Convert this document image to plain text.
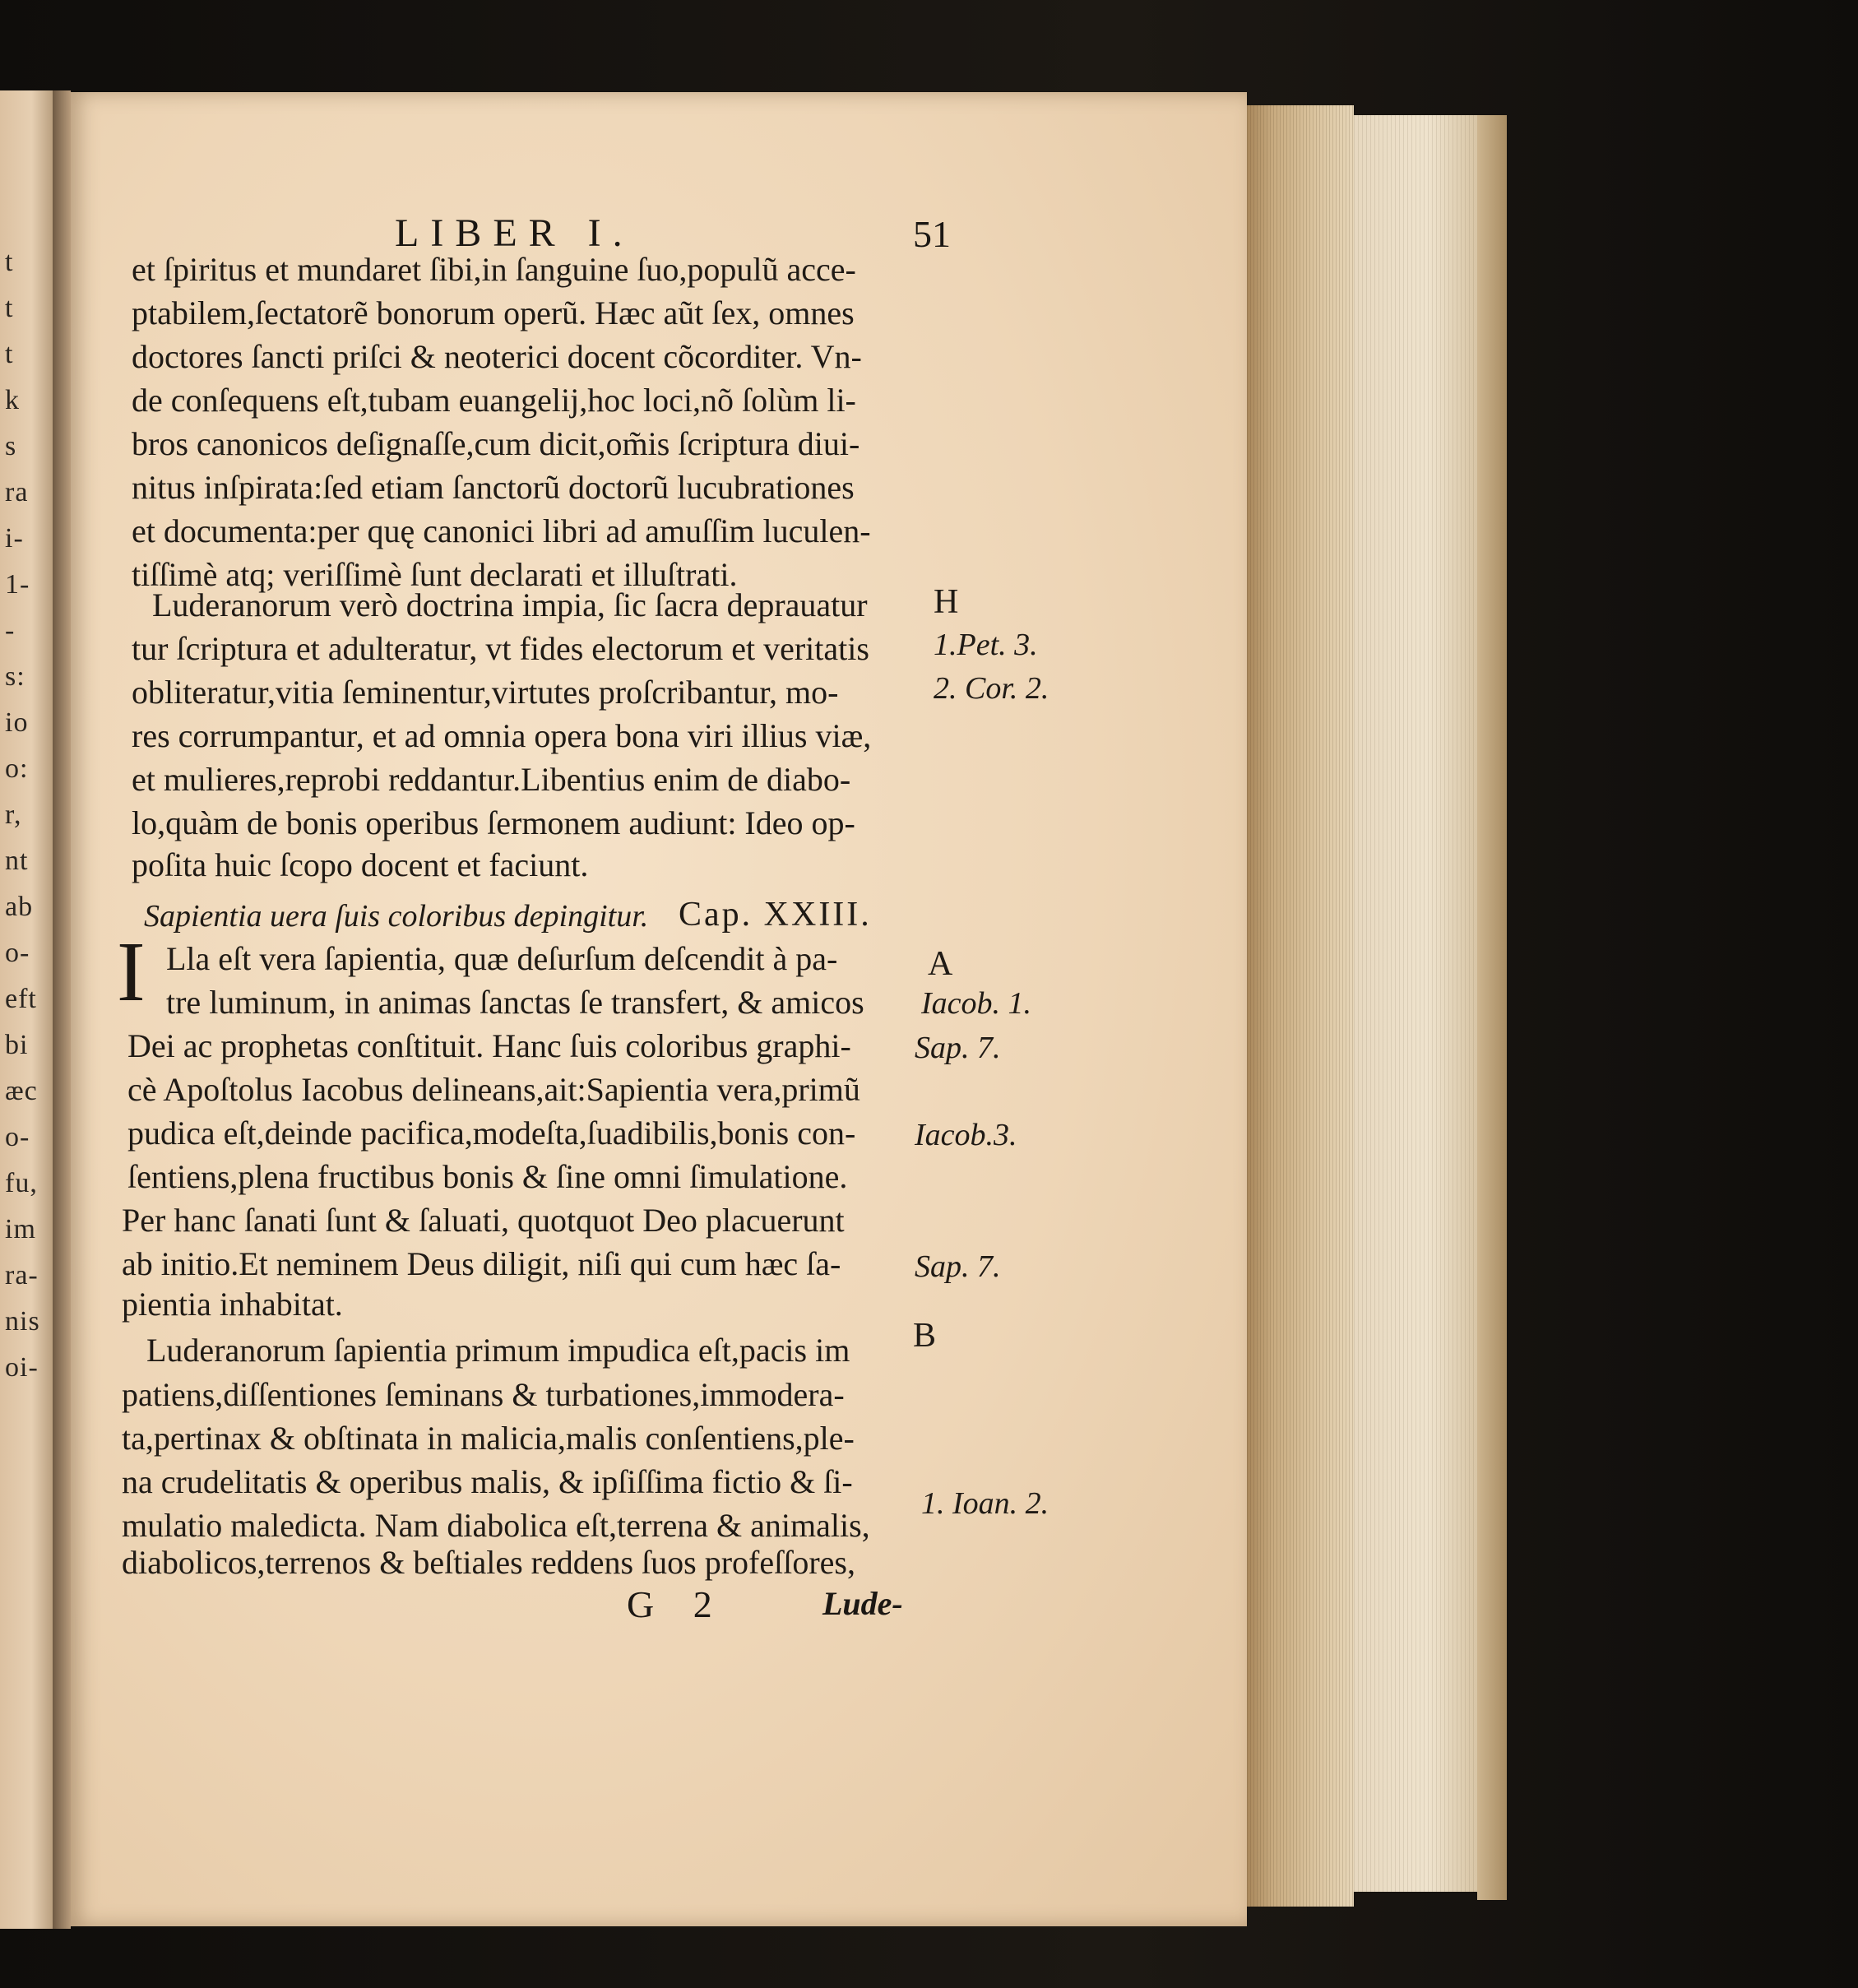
t
t
t
k
s
ra
i-
1-
-
s:
io
o:
r,
nt
ab
o-
eft
bi
æc
o-
fu,
im
ra-
nis
oi-
LIBER I.	51
et ſpiritus et mundaret ſibi,in ſanguine ſuo,populũ acce-
ptabilem,ſectatorẽ bonorum operũ. Hæc aũt ſex, omnes
doctores ſancti priſci & neoterici docent cõcorditer. Vn-
de conſequens eſt,tubam euangelij,hoc loci,nõ ſolùm li-
bros canonicos deſignaſſe,cum dicit,om̃is ſcriptura diui-
nitus inſpirata:ſed etiam ſanctorũ doctorũ lucubrationes
et documenta:per quę canonici libri ad amuſſim luculen-
tiſſimè atq; veriſſimè ſunt declarati et illuſtrati.
Luderanorum verò doctrina impia, ſic ſacra deprauatur
tur ſcriptura et adulteratur, vt fides electorum et veritatis
obliteratur,vitia ſeminentur,virtutes proſcribantur, mo-
res corrumpantur, et ad omnia opera bona viri illius viæ,
et mulieres,reprobi reddantur.Libentius enim de diabo-
lo,quàm de bonis operibus ſermonem audiunt: Ideo op-
poſita huic ſcopo docent et faciunt.
Sapientia uera ſuis coloribus depingitur. Cap. XXIII.
I Lla eſt vera ſapientia, quæ deſurſum deſcendit à pa-
tre luminum, in animas ſanctas ſe transfert, & amicos
Dei ac prophetas conſtituit. Hanc ſuis coloribus graphi-
cè Apoſtolus Iacobus delineans,ait:Sapientia vera,primũ
pudica eſt,deinde pacifica,modeſta,ſuadibilis,bonis con-
ſentiens,plena fructibus bonis & ſine omni ſimulatione.
Per hanc ſanati ſunt & ſaluati, quotquot Deo placuerunt
ab initio.Et neminem Deus diligit, niſi qui cum hæc ſa-
pientia inhabitat.
Luderanorum ſapientia primum impudica eſt,pacis im
patiens,diſſentiones ſeminans & turbationes,immodera-
ta,pertinax & obſtinata in malicia,malis conſentiens,ple-
na crudelitatis & operibus malis, & ipſiſſima fictio & ſi-
mulatio maledicta. Nam diabolica eſt,terrena & animalis,
diabolicos,terrenos & beſtiales reddens ſuos profeſſores,
H
1.Pet. 3.
2. Cor. 2.
A
Iacob. 1.
Sap. 7.
Iacob.3.
Sap. 7.
B
1. Ioan. 2.
G 2	Lude-
